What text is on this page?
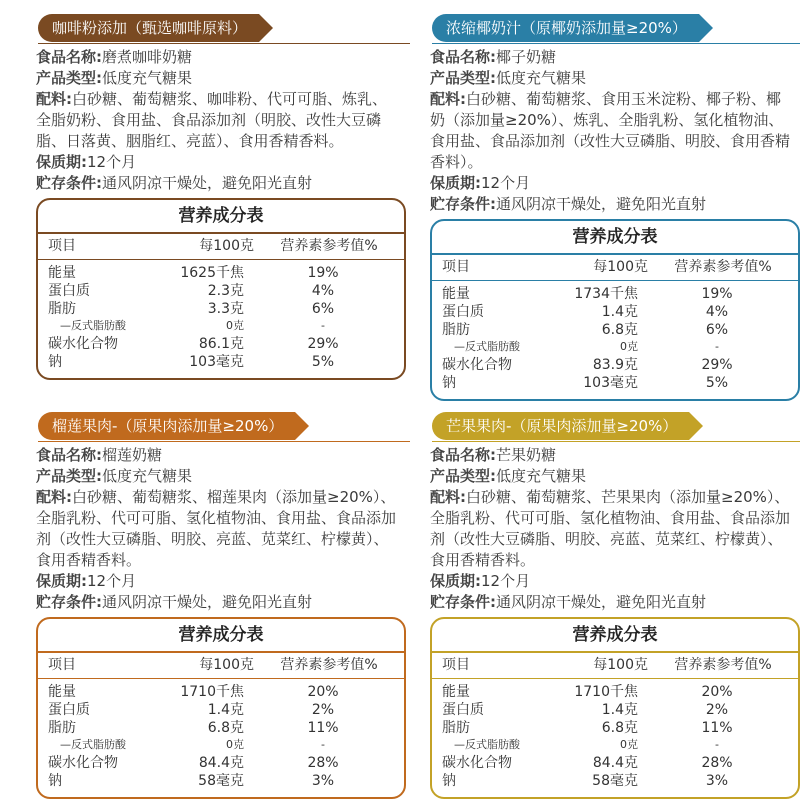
咖啡粉添加（甄选咖啡原料）
食品名称:磨煮咖啡奶糖
产品类型:低度充气糖果
配料:白砂糖、葡萄糖浆、咖啡粉、代可可脂、炼乳、全脂奶粉、食用盐、食品添加剂（明胶、改性大豆磷脂、日落黄、胭脂红、亮蓝）、食用香精香料。
保质期:12个月
贮存条件:通风阴凉干燥处，避免阳光直射
营养成分表
项目	每100克	营养素参考值%
能量	1625千焦	19%
蛋白质	2.3克	4%
脂肪	3.3克	6%
—反式脂肪酸	0克	-
碳水化合物	86.1克	29%
钠	103毫克	5%
浓缩椰奶汁（原椰奶添加量≥20%）
食品名称:椰子奶糖
产品类型:低度充气糖果
配料:白砂糖、葡萄糖浆、食用玉米淀粉、椰子粉、椰奶（添加量≥20%）、炼乳、全脂乳粉、氢化植物油、食用盐、食品添加剂（改性大豆磷脂、明胶、食用香精香料）。
保质期:12个月
贮存条件:通风阴凉干燥处，避免阳光直射
营养成分表
项目	每100克	营养素参考值%
能量	1734千焦	19%
蛋白质	1.4克	4%
脂肪	6.8克	6%
—反式脂肪酸	0克	-
碳水化合物	83.9克	29%
钠	103毫克	5%
榴莲果肉-（原果肉添加量≥20%）
食品名称:榴莲奶糖
产品类型:低度充气糖果
配料:白砂糖、葡萄糖浆、榴莲果肉（添加量≥20%）、全脂乳粉、代可可脂、氢化植物油、食用盐、食品添加剂（改性大豆磷脂、明胶、亮蓝、苋菜红、柠檬黄）、食用香精香料。
保质期:12个月
贮存条件:通风阴凉干燥处，避免阳光直射
营养成分表
项目	每100克	营养素参考值%
能量	1710千焦	20%
蛋白质	1.4克	2%
脂肪	6.8克	11%
—反式脂肪酸	0克	-
碳水化合物	84.4克	28%
钠	58毫克	3%
芒果果肉-（原果肉添加量≥20%）
食品名称:芒果奶糖
产品类型:低度充气糖果
配料:白砂糖、葡萄糖浆、芒果果肉（添加量≥20%）、全脂乳粉、代可可脂、氢化植物油、食用盐、食品添加剂（改性大豆磷脂、明胶、亮蓝、苋菜红、柠檬黄）、食用香精香料。
保质期:12个月
贮存条件:通风阴凉干燥处，避免阳光直射
营养成分表
项目	每100克	营养素参考值%
能量	1710千焦	20%
蛋白质	1.4克	2%
脂肪	6.8克	11%
—反式脂肪酸	0克	-
碳水化合物	84.4克	28%
钠	58毫克	3%
